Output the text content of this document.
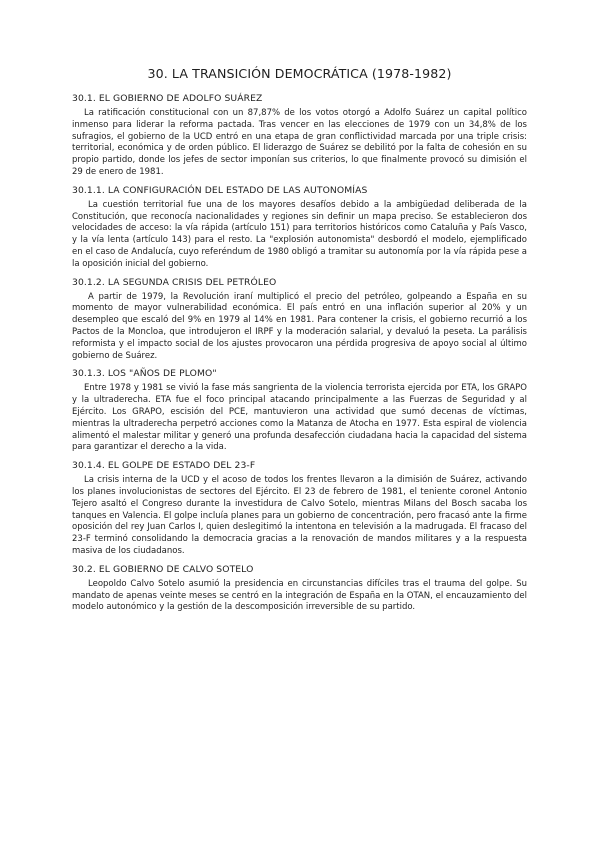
30. LA TRANSICIÓN DEMOCRÁTICA (1978-1982)
30.1. EL GOBIERNO DE ADOLFO SUÁREZ
La ratificación constitucional con un 87,87% de los votos otorgó a Adolfo Suárez un capital político inmenso para liderar la reforma pactada. Tras vencer en las elecciones de 1979 con un 34,8% de los sufragios, el gobierno de la UCD entró en una etapa de gran conflictividad marcada por una triple crisis: territorial, económica y de orden público. El liderazgo de Suárez se debilitó por la falta de cohesión en su propio partido, donde los jefes de sector imponían sus criterios, lo que finalmente provocó su dimisión el 29 de enero de 1981.
30.1.1. LA CONFIGURACIÓN DEL ESTADO DE LAS AUTONOMÍAS
La cuestión territorial fue una de los mayores desafíos debido a la ambigüedad deliberada de la Constitución, que reconocía nacionalidades y regiones sin definir un mapa preciso. Se establecieron dos velocidades de acceso: la vía rápida (artículo 151) para territorios históricos como Cataluña y País Vasco, y la vía lenta (artículo 143) para el resto. La "explosión autonomista" desbordó el modelo, ejemplificado en el caso de Andalucía, cuyo referéndum de 1980 obligó a tramitar su autonomía por la vía rápida pese a la oposición inicial del gobierno.
30.1.2. LA SEGUNDA CRISIS DEL PETRÓLEO
A partir de 1979, la Revolución iraní multiplicó el precio del petróleo, golpeando a España en su momento de mayor vulnerabilidad económica. El país entró en una inflación superior al 20% y un desempleo que escaló del 9% en 1979 al 14% en 1981. Para contener la crisis, el gobierno recurrió a los Pactos de la Moncloa, que introdujeron el IRPF y la moderación salarial, y devaluó la peseta. La parálisis reformista y el impacto social de los ajustes provocaron una pérdida progresiva de apoyo social al último gobierno de Suárez.
30.1.3. LOS "AÑOS DE PLOMO"
Entre 1978 y 1981 se vivió la fase más sangrienta de la violencia terrorista ejercida por ETA, los GRAPO y la ultraderecha. ETA fue el foco principal atacando principalmente a las Fuerzas de Seguridad y al Ejército. Los GRAPO, escisión del PCE, mantuvieron una actividad que sumó decenas de víctimas, mientras la ultraderecha perpetró acciones como la Matanza de Atocha en 1977. Esta espiral de violencia alimentó el malestar militar y generó una profunda desafección ciudadana hacia la capacidad del sistema para garantizar el derecho a la vida.
30.1.4. EL GOLPE DE ESTADO DEL 23-F
La crisis interna de la UCD y el acoso de todos los frentes llevaron a la dimisión de Suárez, activando los planes involucionistas de sectores del Ejército. El 23 de febrero de 1981, el teniente coronel Antonio Tejero asaltó el Congreso durante la investidura de Calvo Sotelo, mientras Milans del Bosch sacaba los tanques en Valencia. El golpe incluía planes para un gobierno de concentración, pero fracasó ante la firme oposición del rey Juan Carlos I, quien deslegitimó la intentona en televisión a la madrugada. El fracaso del 23-F terminó consolidando la democracia gracias a la renovación de mandos militares y a la respuesta masiva de los ciudadanos.
30.2. EL GOBIERNO DE CALVO SOTELO
Leopoldo Calvo Sotelo asumió la presidencia en circunstancias difíciles tras el trauma del golpe. Su mandato de apenas veinte meses se centró en la integración de España en la OTAN, el encauzamiento del modelo autonómico y la gestión de la descomposición irreversible de su partido.
